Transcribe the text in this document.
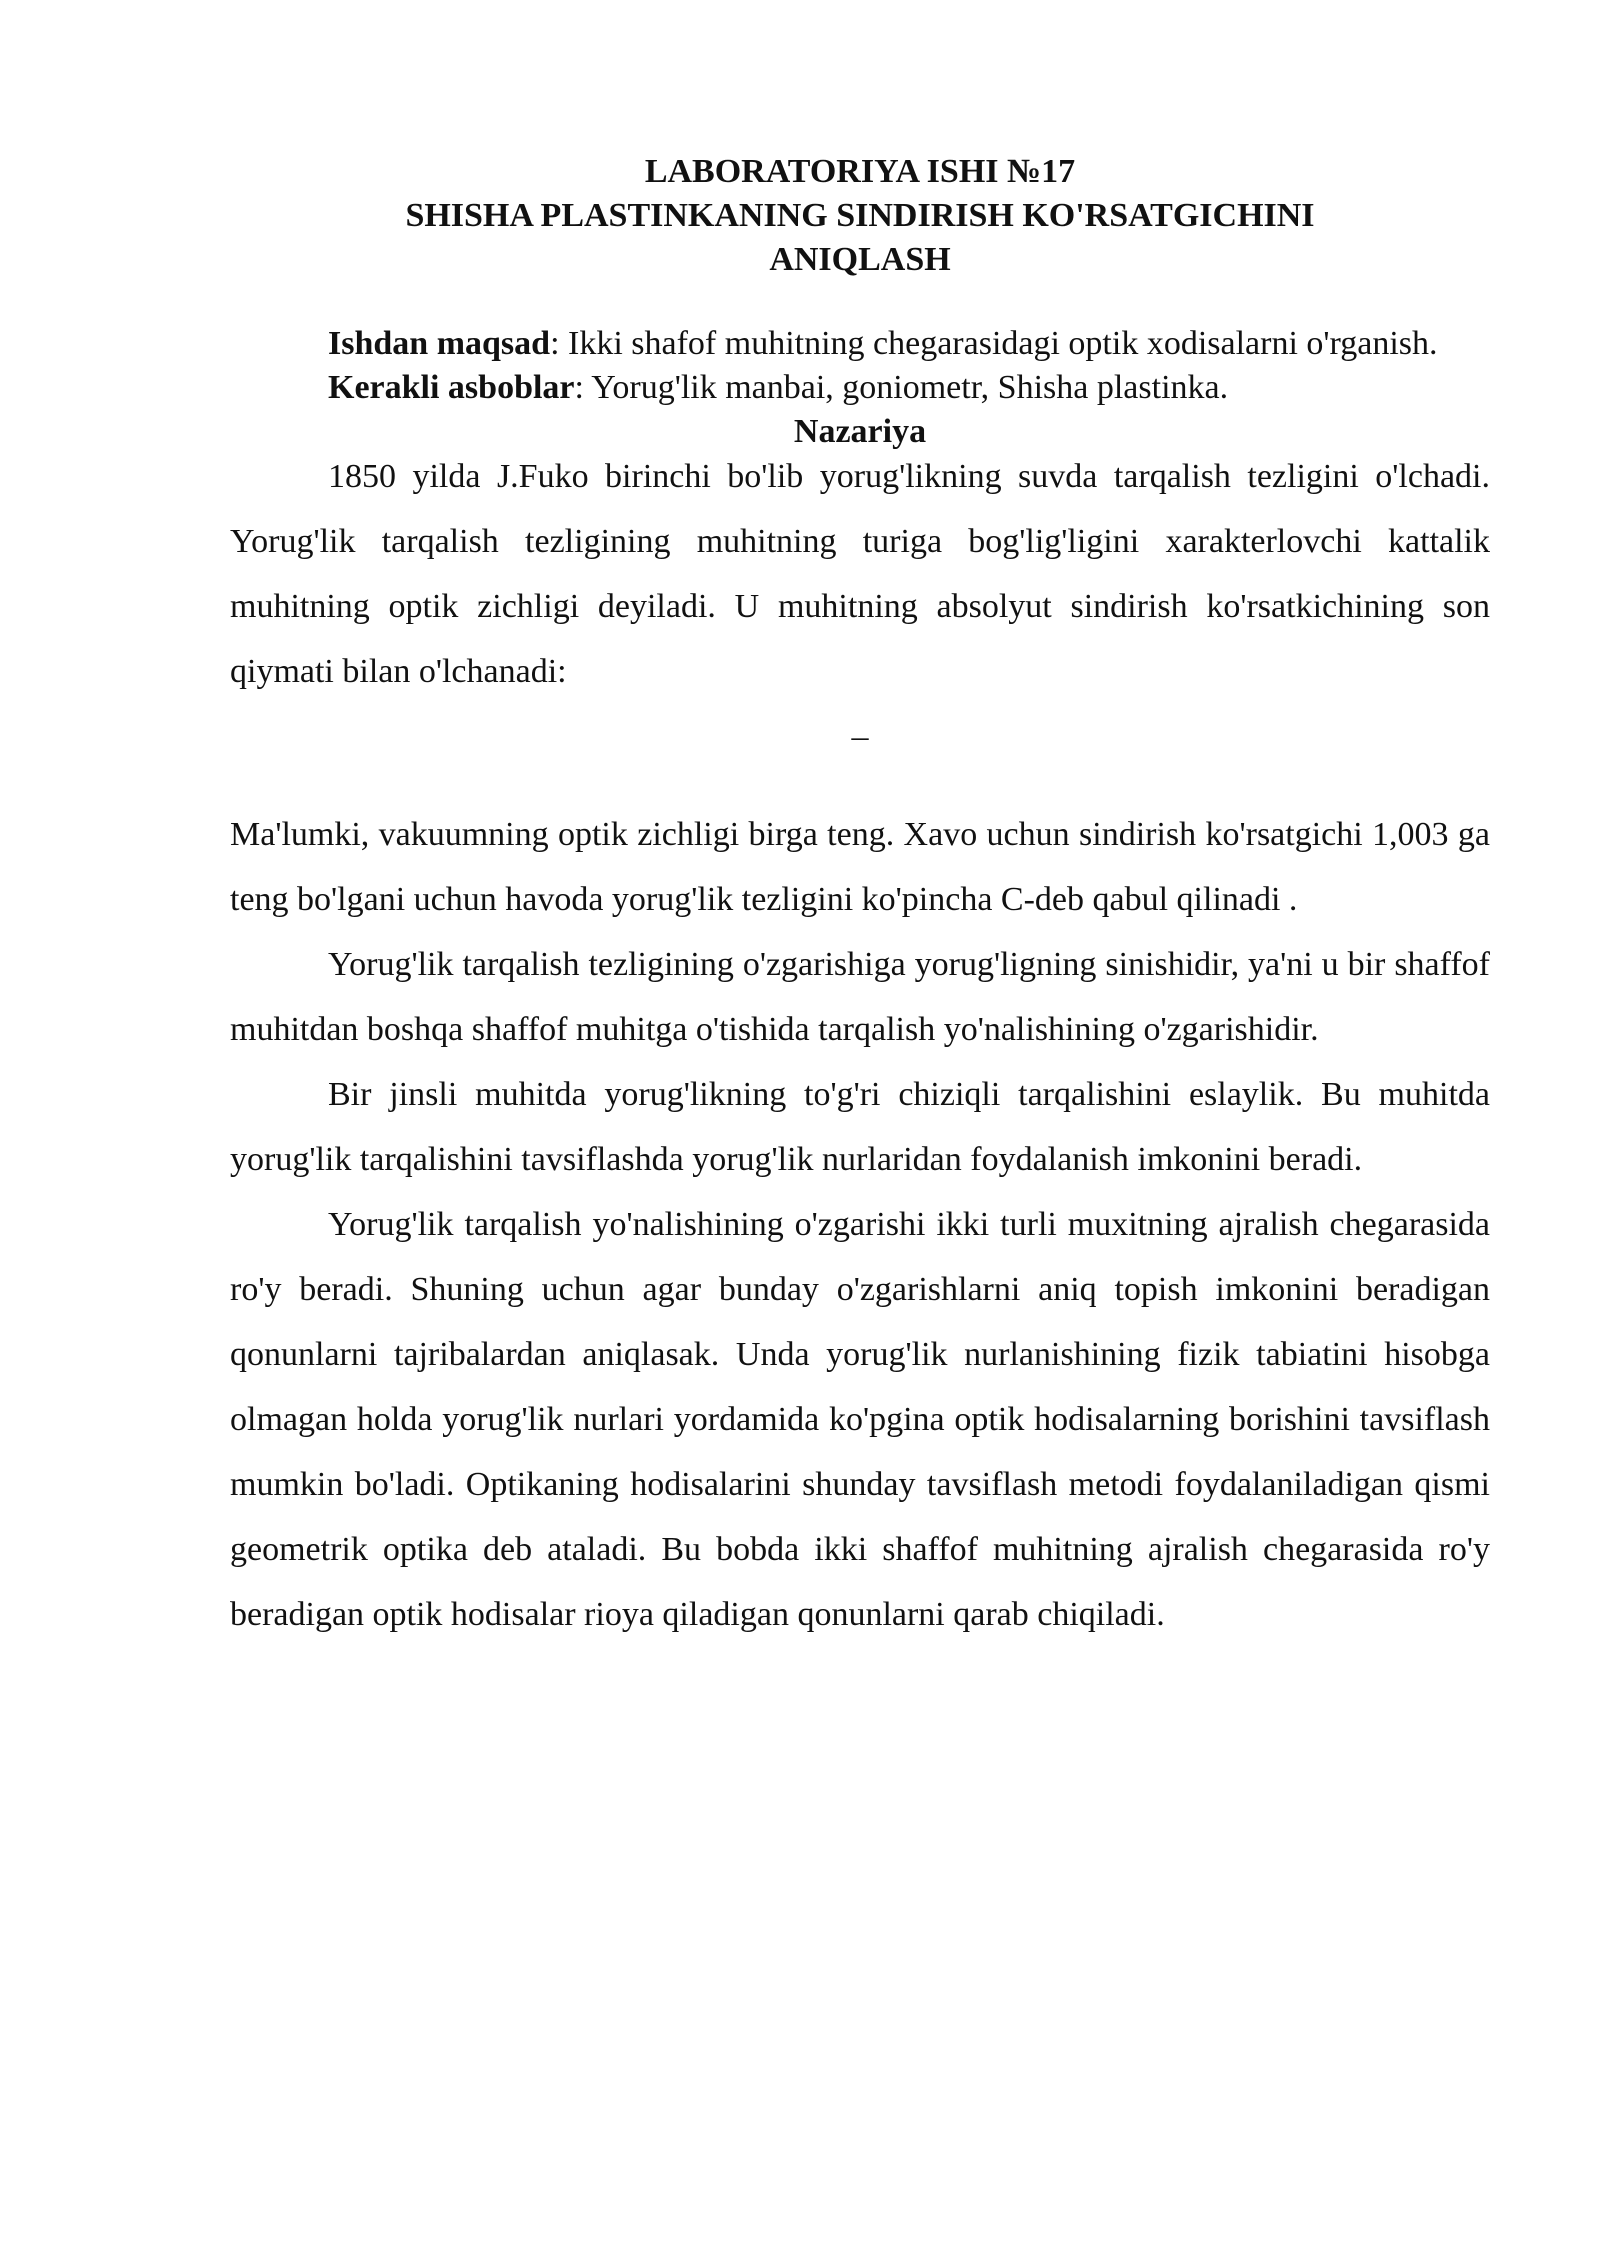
LABORATORIYA ISHI №17

SHISHA PLASTINKANING SINDIRISH KO'RSATGICHINI

ANIQLASH

Ishdan maqsad: Ikki shafof muhitning chegarasidagi optik xodisalarni o'rganish.

Kerakli asboblar: Yorug'lik manbai, goniometr, Shisha plastinka.

Nazariya

1850 yilda J.Fuko birinchi bo'lib yorug'likning suvda tarqalish tezligini o'lchadi. Yorug'lik tarqalish tezligining muhitning turiga bog'lig'ligini xarakterlovchi kattalik muhitning optik zichligi deyiladi. U muhitning absolyut sindirish ko'rsatkichining son qiymati bilan o'lchanadi:

–

Ma'lumki, vakuumning optik zichligi birga teng. Xavo uchun sindirish ko'rsatgichi 1,003 ga teng bo'lgani uchun havoda yorug'lik tezligini ko'pincha C-deb qabul qilinadi .

Yorug'lik tarqalish tezligining o'zgarishiga yorug'ligning sinishidir, ya'ni u bir shaffof muhitdan boshqa shaffof muhitga o'tishida tarqalish yo'nalishining o'zgarishidir.

Bir jinsli muhitda yorug'likning to'g'ri chiziqli tarqalishini eslaylik. Bu muhitda yorug'lik tarqalishini tavsiflashda yorug'lik nurlaridan foydalanish imkonini beradi.

Yorug'lik tarqalish yo'nalishining o'zgarishi ikki turli muxitning ajralish chegarasida ro'y beradi. Shuning uchun agar bunday o'zgarishlarni aniq topish imkonini beradigan qonunlarni tajribalardan aniqlasak. Unda yorug'lik nurlanishining fizik tabiatini hisobga olmagan holda yorug'lik nurlari yordamida ko'pgina optik hodisalarning borishini tavsiflash mumkin bo'ladi. Optikaning hodisalarini shunday tavsiflash metodi foydalaniladigan qismi geometrik optika deb ataladi. Bu bobda ikki shaffof muhitning ajralish chegarasida ro'y beradigan optik hodisalar rioya qiladigan qonunlarni qarab chiqiladi.
